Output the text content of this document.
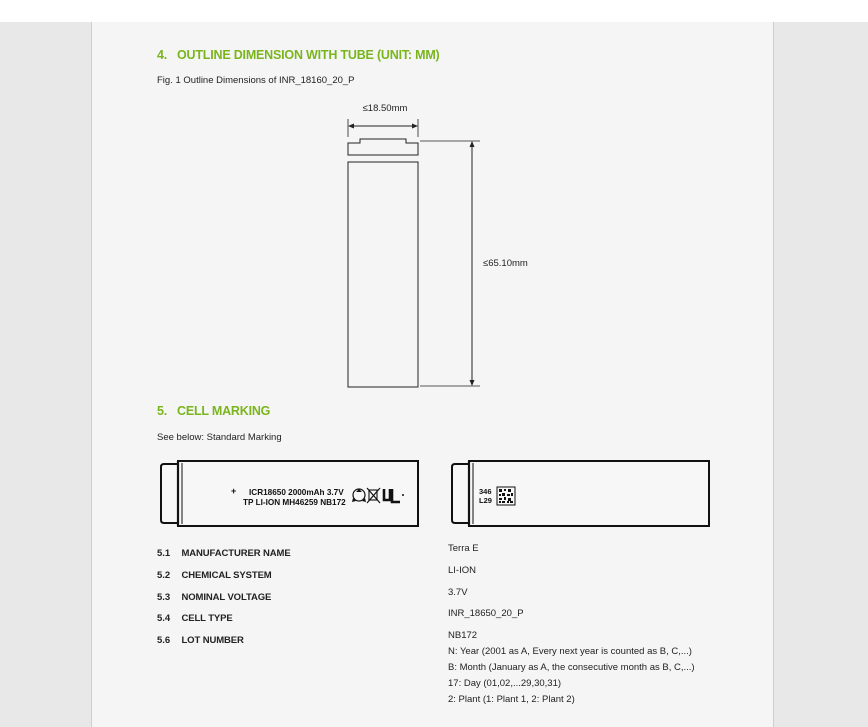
4. OUTLINE DIMENSION WITH TUBE (UNIT: MM)
Fig. 1 Outline Dimensions of INR_18160_20_P
≤18.50mm
≤65.10mm
5. CELL MARKING
See below: Standard Marking
+ ICR18650 2000mAh 3.7V
TP LI-ION MH46259 NB172
346
L29
5.1 MANUFACTURER NAME	Terra E
5.2 CHEMICAL SYSTEM	LI-ION
5.3 NOMINAL VOLTAGE	3.7V
5.4 CELL TYPE	INR_18650_20_P
5.6 LOT NUMBER	NB172
N: Year (2001 as A, Every next year is counted as B, C,...)
B: Month (January as A, the consecutive month as B, C,...)
17: Day (01,02,...29,30,31)
2: Plant (1: Plant 1, 2: Plant 2)
